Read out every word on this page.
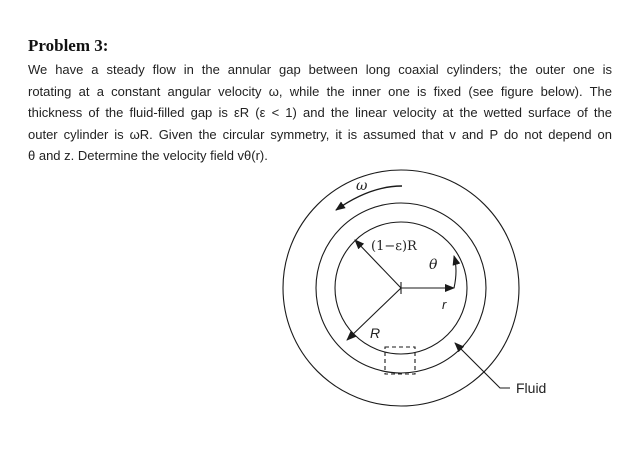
Problem 3:
We have a steady flow in the annular gap between long coaxial cylinders; the outer one is
rotating at a constant angular velocity ω, while the inner one is fixed (see figure below). The
thickness of the fluid-filled gap is εR (ε < 1) and the linear velocity at the wetted surface of the
outer cylinder is ωR. Given the circular symmetry, it is assumed that v and P do not depend on
θ and z. Determine the velocity field vθ(r).
ω
(1−ε)R
θ
r
R
Fluid
